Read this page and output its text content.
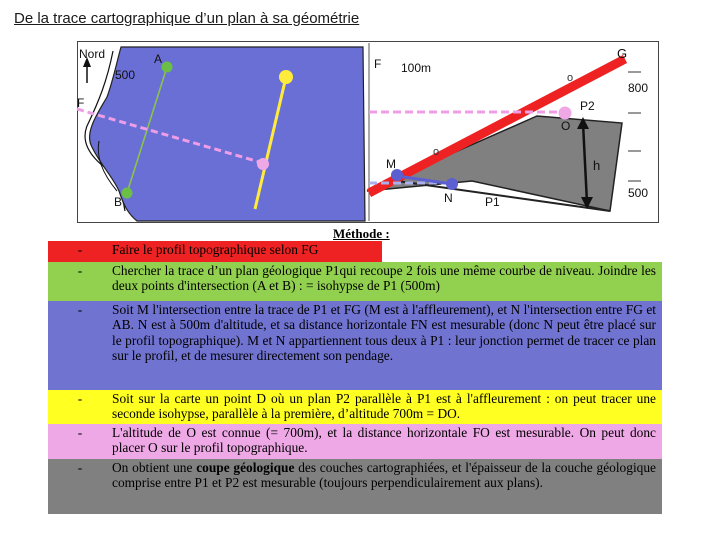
De la trace cartographique d’un plan à sa géométrie
Nord
500
A
B
F
F
G
100m
M
N
O
P2
P1
h
o
o
800
500
Méthode :
-	Faire le profil topographique selon FG
-	Chercher la trace d’un plan géologique P1qui recoupe 2 fois une même courbe de niveau. Joindre les deux points d'intersection (A et B) : = isohypse de P1 (500m)
-	Soit M l'intersection entre la trace de P1 et FG (M est à l'affleurement), et N l'intersection entre FG et AB. N est à 500m d'altitude, et sa distance horizontale FN est mesurable (donc N peut être placé sur le profil topographique). M et N appartiennent tous deux à P1 : leur jonction permet de tracer ce plan sur le profil, et de mesurer directement son pendage.
-	Soit sur la carte un point D où un plan P2 parallèle à P1 est à l'affleurement : on peut tracer une seconde isohypse, parallèle à la première, d’altitude 700m = DO.
-	L'altitude de O est connue (= 700m), et la distance horizontale FO est mesurable. On peut donc placer O sur le profil topographique.
-	On obtient une coupe géologique des couches cartographiées, et l'épaisseur de la couche géologique comprise entre P1 et P2 est mesurable (toujours perpendiculairement aux plans).
